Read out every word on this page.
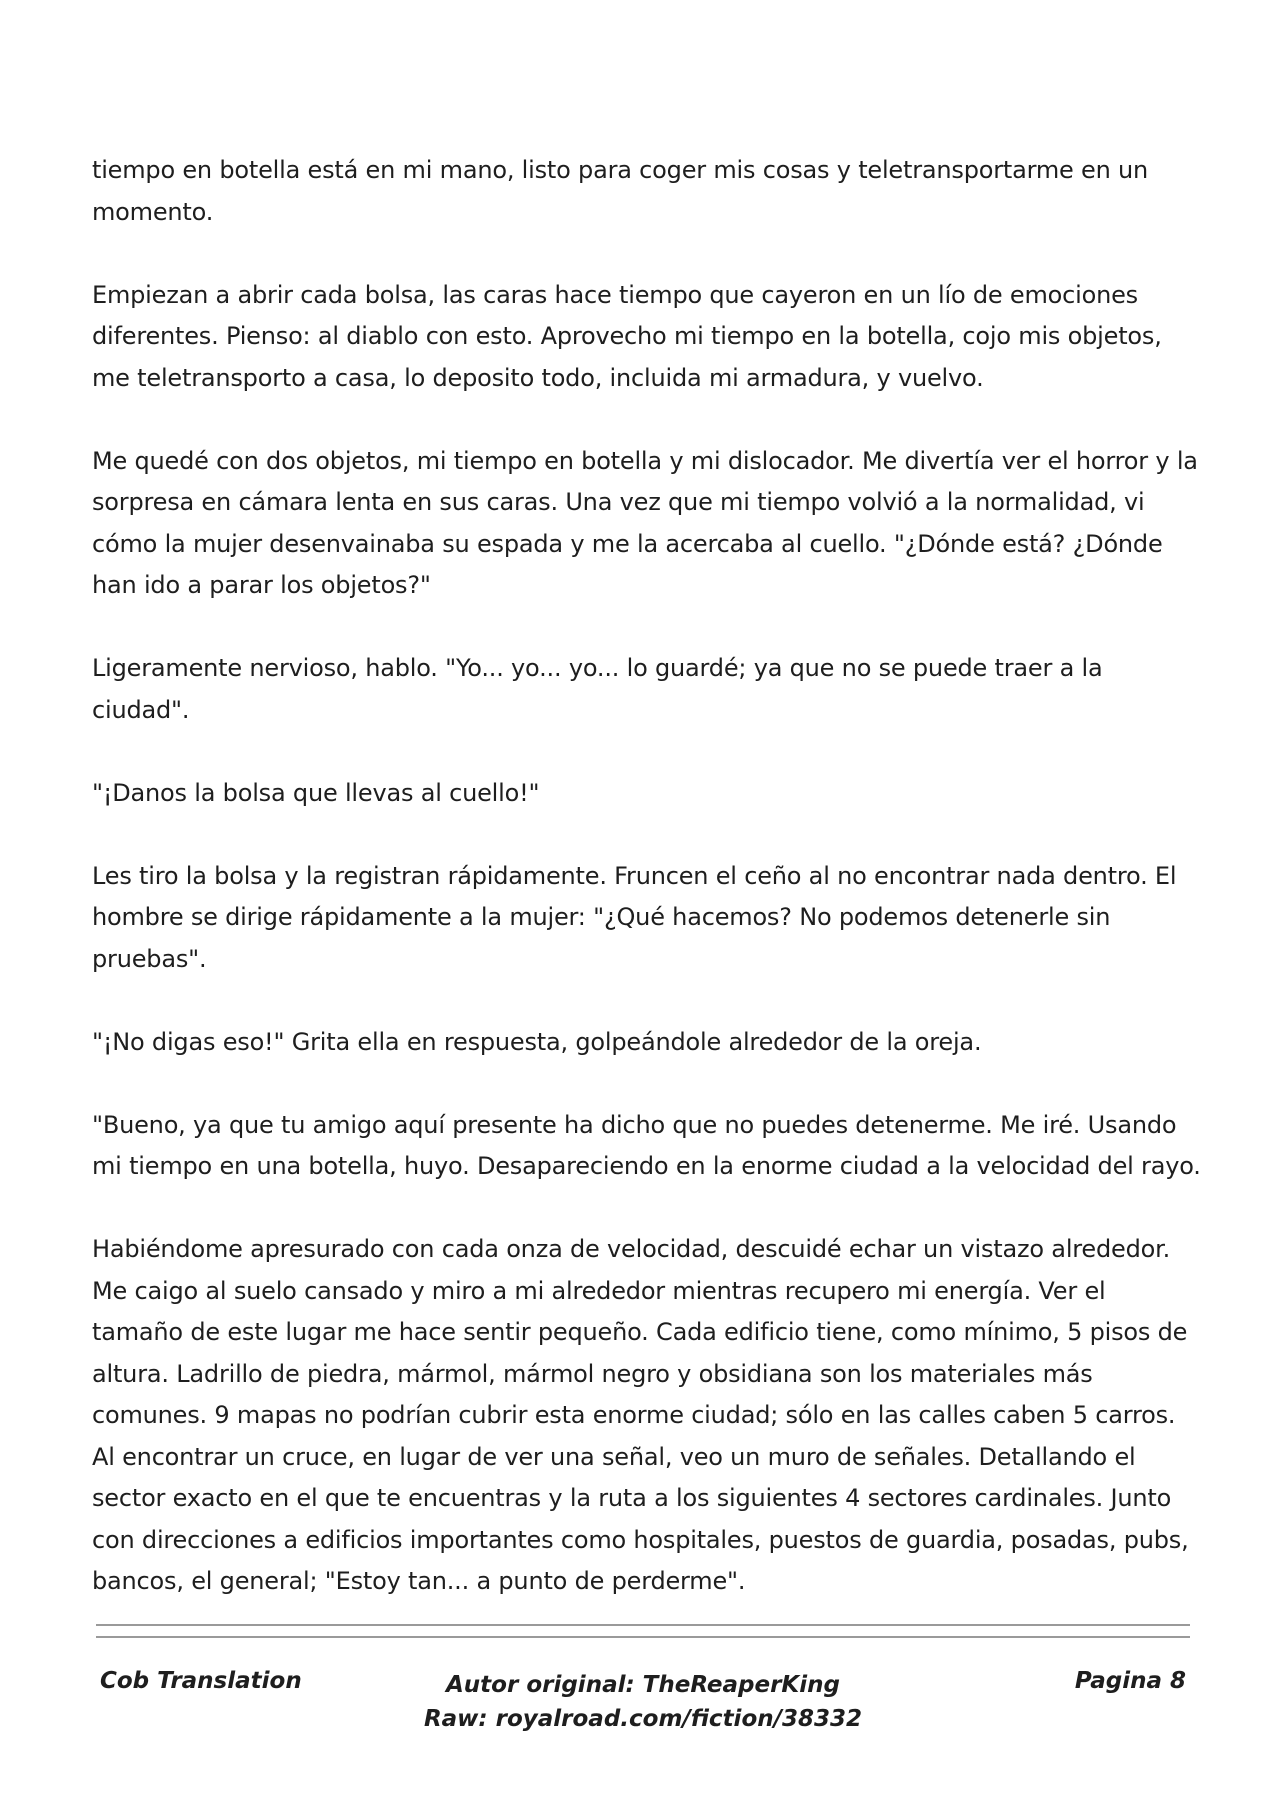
tiempo en botella está en mi mano, listo para coger mis cosas y teletransportarme en un momento.

Empiezan a abrir cada bolsa, las caras hace tiempo que cayeron en un lío de emociones diferentes. Pienso: al diablo con esto. Aprovecho mi tiempo en la botella, cojo mis objetos, me teletransporto a casa, lo deposito todo, incluida mi armadura, y vuelvo.

Me quedé con dos objetos, mi tiempo en botella y mi dislocador. Me divertía ver el horror y la sorpresa en cámara lenta en sus caras. Una vez que mi tiempo volvió a la normalidad, vi cómo la mujer desenvainaba su espada y me la acercaba al cuello. "¿Dónde está? ¿Dónde han ido a parar los objetos?"

Ligeramente nervioso, hablo. "Yo... yo... yo... lo guardé; ya que no se puede traer a la ciudad".

"¡Danos la bolsa que llevas al cuello!"

Les tiro la bolsa y la registran rápidamente. Fruncen el ceño al no encontrar nada dentro. El hombre se dirige rápidamente a la mujer: "¿Qué hacemos? No podemos detenerle sin pruebas".

"¡No digas eso!" Grita ella en respuesta, golpeándole alrededor de la oreja.

"Bueno, ya que tu amigo aquí presente ha dicho que no puedes detenerme. Me iré. Usando mi tiempo en una botella, huyo. Desapareciendo en la enorme ciudad a la velocidad del rayo.

Habiéndome apresurado con cada onza de velocidad, descuidé echar un vistazo alrededor. Me caigo al suelo cansado y miro a mi alrededor mientras recupero mi energía. Ver el tamaño de este lugar me hace sentir pequeño. Cada edificio tiene, como mínimo, 5 pisos de altura. Ladrillo de piedra, mármol, mármol negro y obsidiana son los materiales más comunes. 9 mapas no podrían cubrir esta enorme ciudad; sólo en las calles caben 5 carros. Al encontrar un cruce, en lugar de ver una señal, veo un muro de señales. Detallando el sector exacto en el que te encuentras y la ruta a los siguientes 4 sectores cardinales. Junto con direcciones a edificios importantes como hospitales, puestos de guardia, posadas, pubs, bancos, el general; "Estoy tan... a punto de perderme".

Cob Translation	Autor original: TheReaperKing
Raw: royalroad.com/fiction/38332
Pagina 8
